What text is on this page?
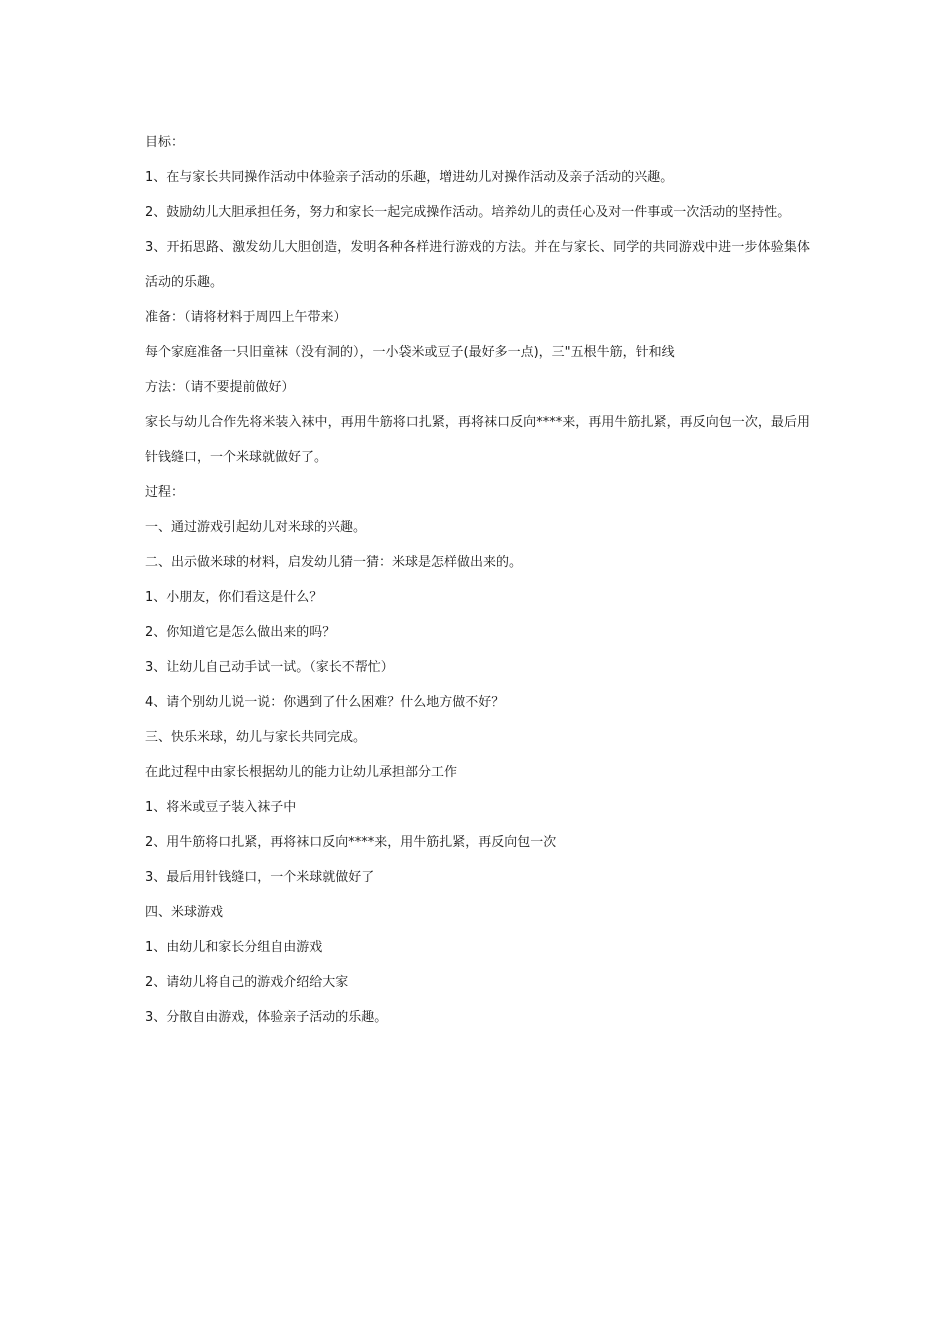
目标：

1、在与家长共同操作活动中体验亲子活动的乐趣，增进幼儿对操作活动及亲子活动的兴趣。

2、鼓励幼儿大胆承担任务，努力和家长一起完成操作活动。培养幼儿的责任心及对一件事或一次活动的坚持性。

3、开拓思路、激发幼儿大胆创造，发明各种各样进行游戏的方法。并在与家长、同学的共同游戏中进一步体验集体活动的乐趣。

准备：（请将材料于周四上午带来）

每个家庭准备一只旧童袜（没有洞的），一小袋米或豆子(最好多一点)，三"五根牛筋，针和线

方法：（请不要提前做好）

家长与幼儿合作先将米装入袜中，再用牛筋将口扎紧，再将袜口反向****来，再用牛筋扎紧，再反向包一次，最后用针钱缝口，一个米球就做好了。

过程：

一、通过游戏引起幼儿对米球的兴趣。

二、出示做米球的材料，启发幼儿猜一猜：米球是怎样做出来的。

1、小朋友，你们看这是什么？

2、你知道它是怎么做出来的吗？

3、让幼儿自己动手试一试。（家长不帮忙）

4、请个别幼儿说一说：你遇到了什么困难？什么地方做不好？

三、快乐米球，幼儿与家长共同完成。

在此过程中由家长根据幼儿的能力让幼儿承担部分工作

1、将米或豆子装入袜子中

2、用牛筋将口扎紧，再将袜口反向****来，用牛筋扎紧，再反向包一次

3、最后用针钱缝口，一个米球就做好了

四、米球游戏

1、由幼儿和家长分组自由游戏

2、请幼儿将自己的游戏介绍给大家

3、分散自由游戏，体验亲子活动的乐趣。
